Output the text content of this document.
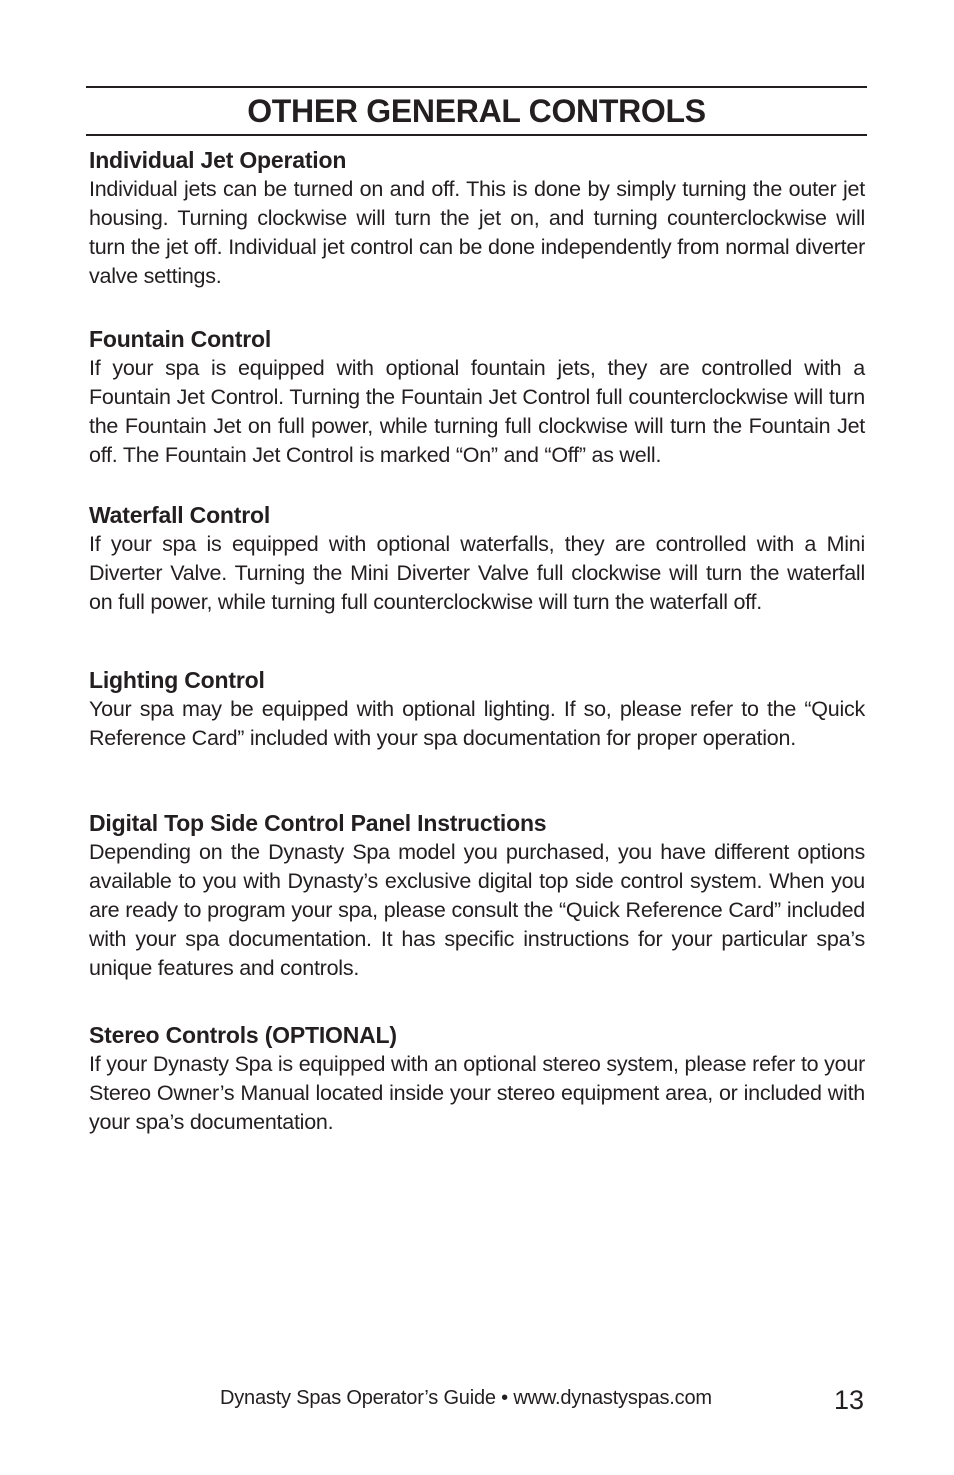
OTHER GENERAL CONTROLS
Individual Jet Operation

Individual jets can be turned on and off. This is done by simply turning the outer jet housing. Turning clockwise will turn the jet on, and turning counterclockwise will turn the jet off. Individual jet control can be done independently from normal diverter valve settings.

Fountain Control

If your spa is equipped with optional fountain jets, they are controlled with a Fountain Jet Control. Turning the Fountain Jet Control full counterclockwise will turn the Fountain Jet on full power, while turning full clockwise will turn the Fountain Jet off. The Fountain Jet Control is marked “On” and “Off” as well.

Waterfall Control

If your spa is equipped with optional waterfalls, they are controlled with a Mini Diverter Valve. Turning the Mini Diverter Valve full clockwise will turn the waterfall on full power, while turning full counterclockwise will turn the waterfall off.

Lighting Control

Your spa may be equipped with optional lighting. If so, please refer to the “Quick Reference Card” included with your spa documentation for proper operation.

Digital Top Side Control Panel Instructions

Depending on the Dynasty Spa model you purchased, you have different options available to you with Dynasty’s exclusive digital top side control system. When you are ready to program your spa, please consult the “Quick Reference Card” included with your spa documentation. It has specific instructions for your particular spa’s unique features and controls.

Stereo Controls (OPTIONAL)

If your Dynasty Spa is equipped with an optional stereo system, please refer to your Stereo Owner’s Manual located inside your stereo equipment area, or included with your spa’s documentation.

Dynasty Spas Operator’s Guide • www.dynastyspas.com	13
